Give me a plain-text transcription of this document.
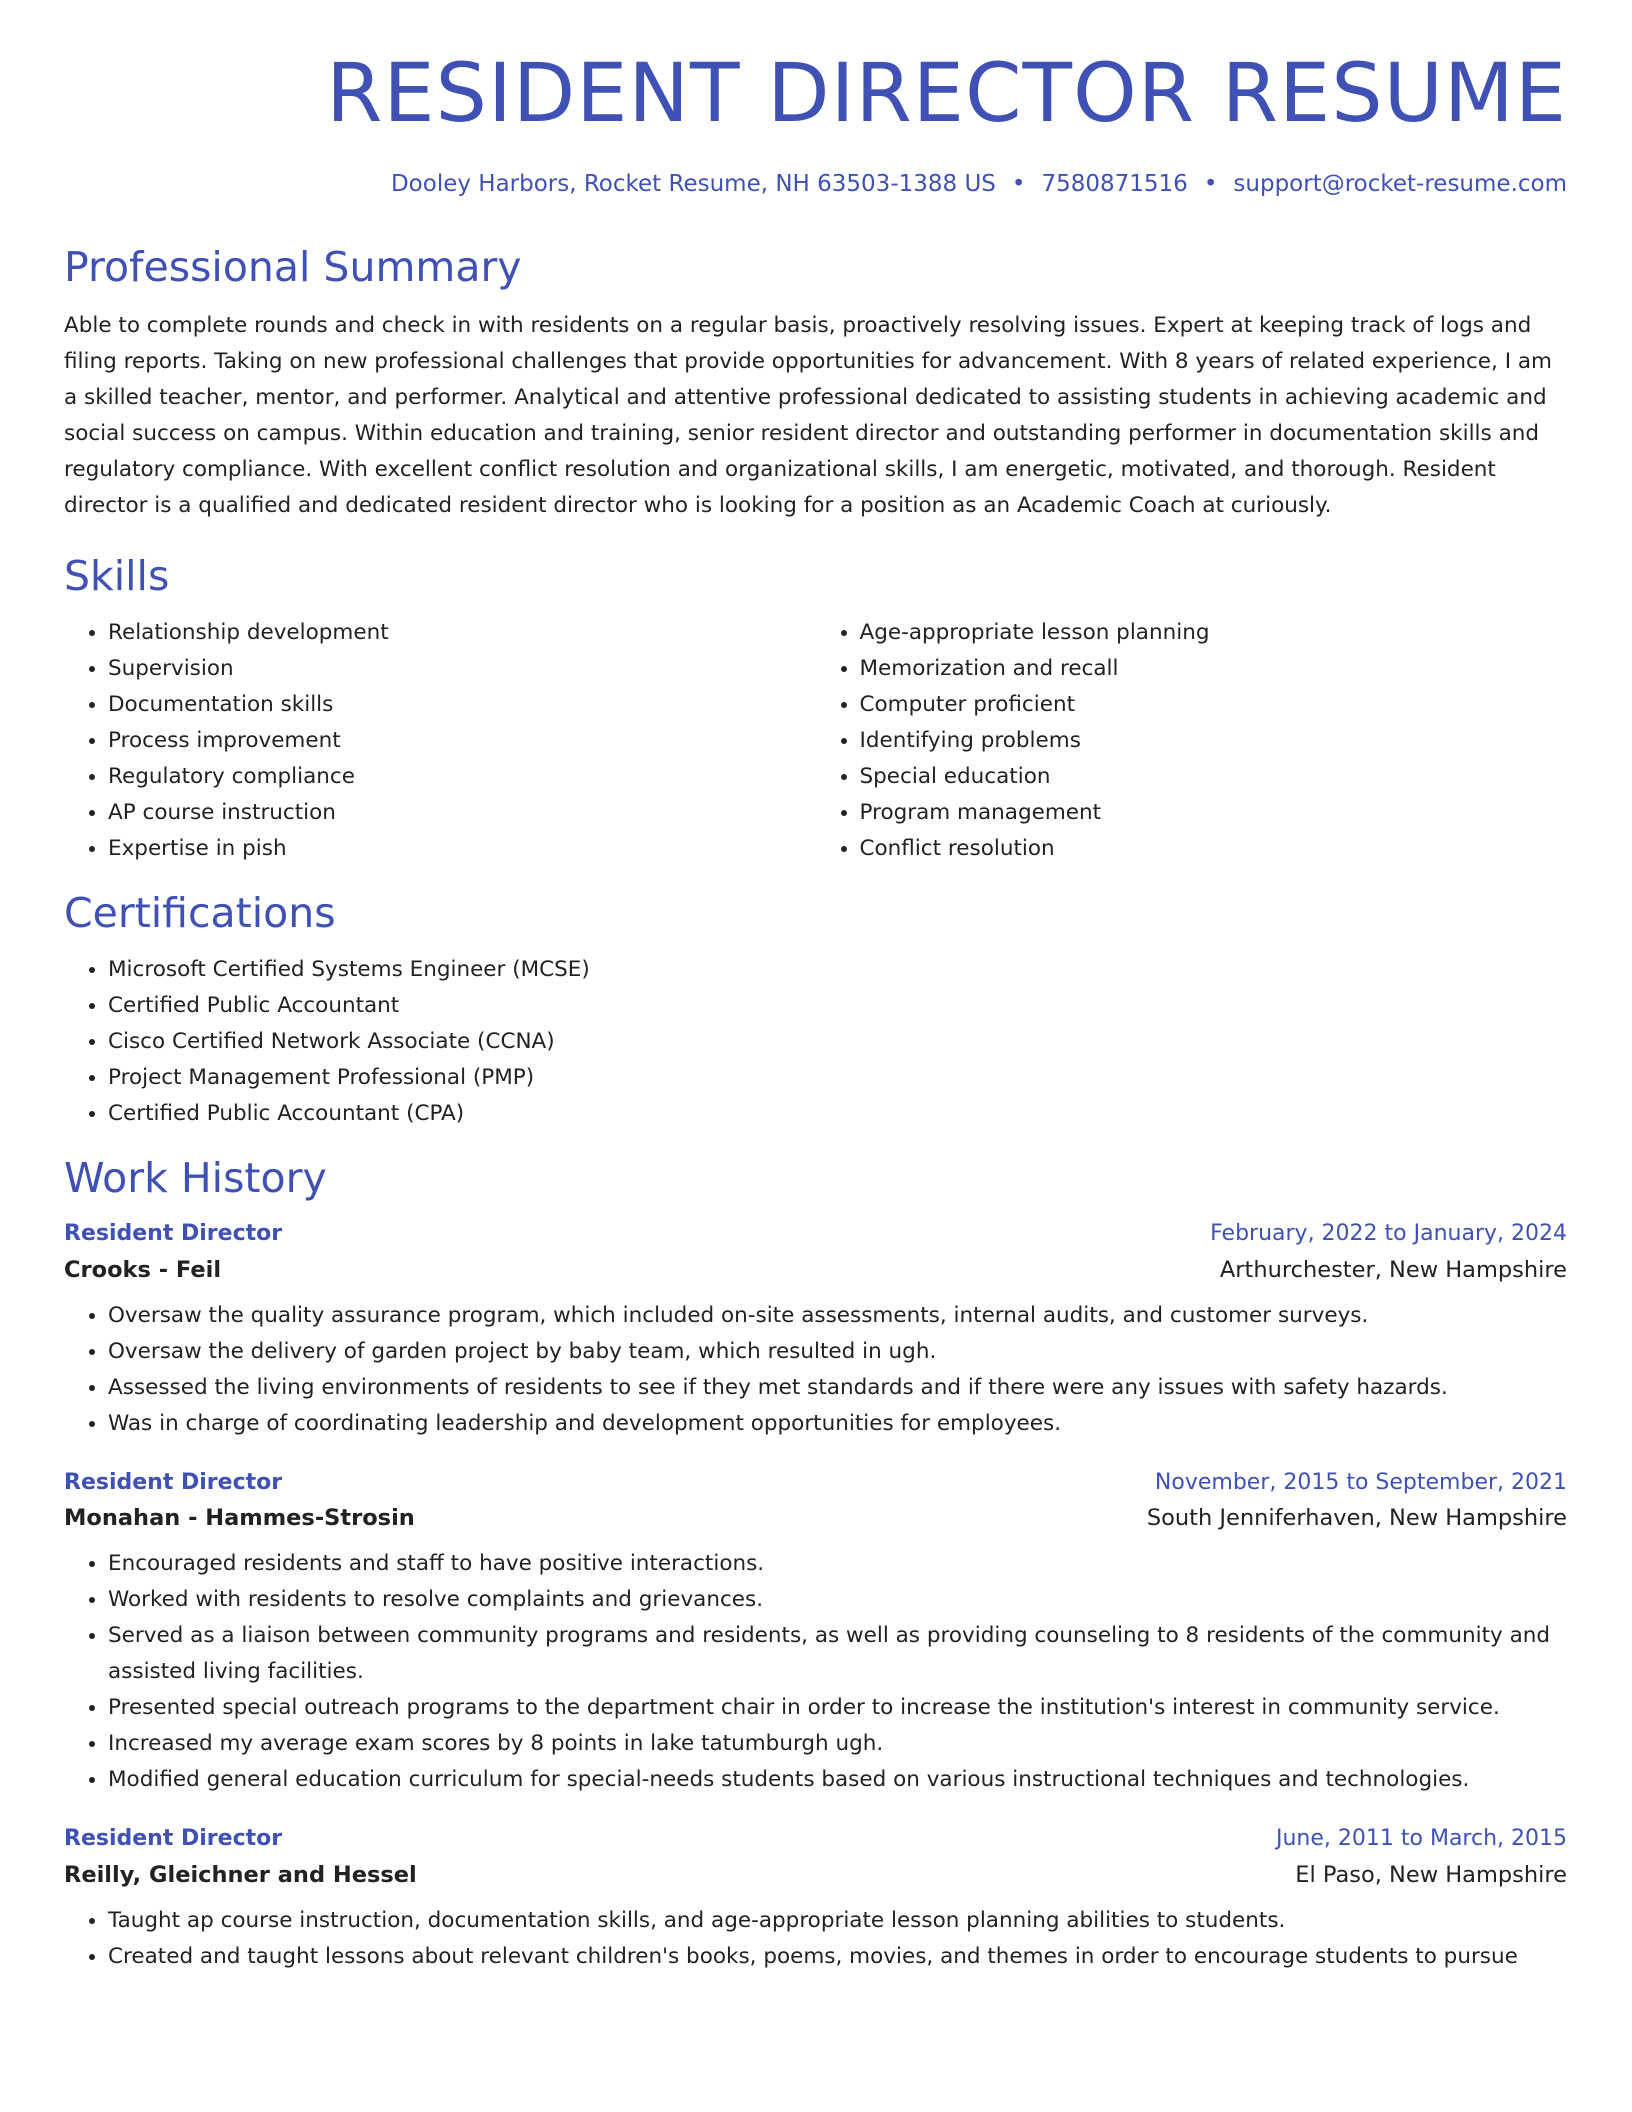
RESIDENT DIRECTOR RESUME
Dooley Harbors, Rocket Resume, NH 63503-1388 US • 7580871516 • support@rocket-resume.com
Professional Summary

Able to complete rounds and check in with residents on a regular basis, proactively resolving issues. Expert at keeping track of logs and filing reports. Taking on new professional challenges that provide opportunities for advancement. With 8 years of related experience, I am a skilled teacher, mentor, and performer. Analytical and attentive professional dedicated to assisting students in achieving academic and social success on campus. Within education and training, senior resident director and outstanding performer in documentation skills and regulatory compliance. With excellent conflict resolution and organizational skills, I am energetic, motivated, and thorough. Resident director is a qualified and dedicated resident director who is looking for a position as an Academic Coach at curiously.

Skills
• Relationship development
• Supervision
• Documentation skills
• Process improvement
• Regulatory compliance
• AP course instruction
• Expertise in pish
• Age-appropriate lesson planning
• Memorization and recall
• Computer proficient
• Identifying problems
• Special education
• Program management
• Conflict resolution
Certifications
• Microsoft Certified Systems Engineer (MCSE)
• Certified Public Accountant
• Cisco Certified Network Associate (CCNA)
• Project Management Professional (PMP)
• Certified Public Accountant (CPA)
Work History
Resident Director	February, 2022 to January, 2024
Crooks - Feil	Arthurchester, New Hampshire
• Oversaw the quality assurance program, which included on-site assessments, internal audits, and customer surveys.
• Oversaw the delivery of garden project by baby team, which resulted in ugh.
• Assessed the living environments of residents to see if they met standards and if there were any issues with safety hazards.
• Was in charge of coordinating leadership and development opportunities for employees.
Resident Director	November, 2015 to September, 2021
Monahan - Hammes-Strosin	South Jenniferhaven, New Hampshire
• Encouraged residents and staff to have positive interactions.
• Worked with residents to resolve complaints and grievances.
• Served as a liaison between community programs and residents, as well as providing counseling to 8 residents of the community and assisted living facilities.
• Presented special outreach programs to the department chair in order to increase the institution's interest in community service.
• Increased my average exam scores by 8 points in lake tatumburgh ugh.
• Modified general education curriculum for special-needs students based on various instructional techniques and technologies.
Resident Director	June, 2011 to March, 2015
Reilly, Gleichner and Hessel	El Paso, New Hampshire
• Taught ap course instruction, documentation skills, and age-appropriate lesson planning abilities to students.
• Created and taught lessons about relevant children's books, poems, movies, and themes in order to encourage students to pursue
